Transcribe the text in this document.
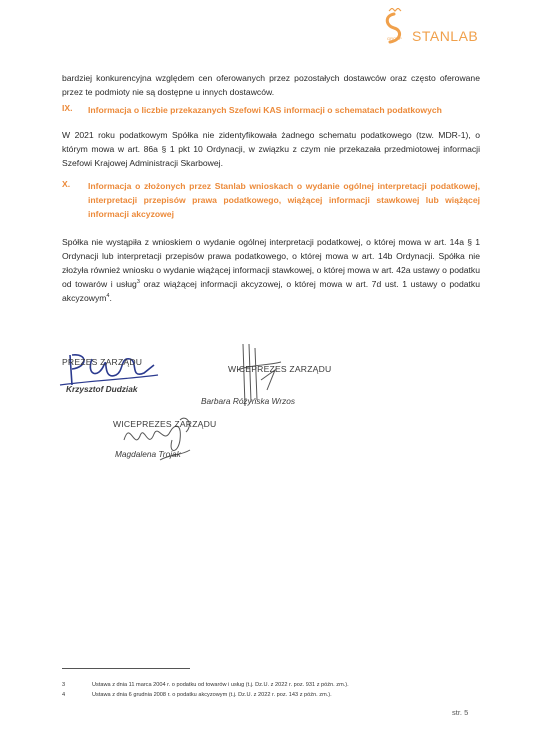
STANLAB
GROUP
bardziej konkurencyjna względem cen oferowanych przez pozostałych dostawców oraz często oferowane przez te podmioty nie są dostępne u innych dostawców.
IX. Informacja o liczbie przekazanych Szefowi KAS informacji o schematach podatkowych
W 2021 roku podatkowym Spółka nie zidentyfikowała żadnego schematu podatkowego (tzw. MDR-1), o którym mowa w art. 86a § 1 pkt 10 Ordynacji, w związku z czym nie przekazała przedmiotowej informacji Szefowi Krajowej Administracji Skarbowej.
X. Informacja o złożonych przez Stanlab wnioskach o wydanie ogólnej interpretacji podatkowej, interpretacji przepisów prawa podatkowego, wiążącej informacji stawkowej lub wiążącej informacji akcyzowej
Spółka nie wystąpiła z wnioskiem o wydanie ogólnej interpretacji podatkowej, o której mowa w art. 14a § 1 Ordynacji lub interpretacji przepisów prawa podatkowego, o której mowa w art. 14b Ordynacji. Spółka nie złożyła również wniosku o wydanie wiążącej informacji stawkowej, o której mowa w art. 42a ustawy o podatku od towarów i usług$^3$ oraz wiążącej informacji akcyzowej, o której mowa w art. 7d ust. 1 ustawy o podatku akcyzowym$^4$.
PREZES ZARZĄDU
Krzysztof Dudziak
WICEPREZES ZARZĄDU
Barbara Różyńska Wrzos
WICEPREZES ZARZĄDU
Magdalena Trojak
3	Ustawa z dnia 11 marca 2004 r. o podatku od towarów i usług (t.j. Dz.U. z 2022 r. poz. 931 z późn. zm.).
4	Ustawa z dnia 6 grudnia 2008 r. o podatku akcyzowym (t.j. Dz.U. z 2022 r. poz. 143 z późn. zm.).
str. 5
